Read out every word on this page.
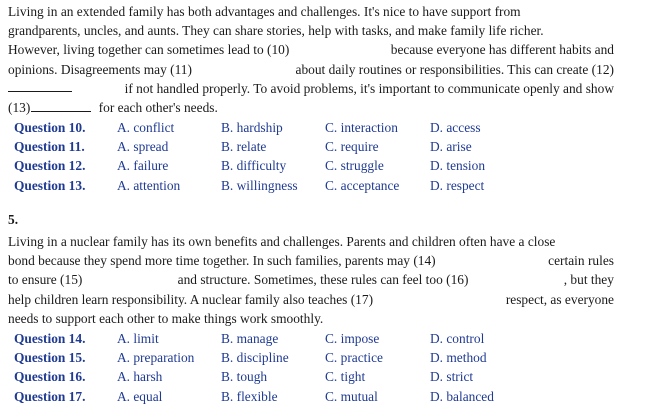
Living in an extended family has both advantages and challenges. It's nice to have support from
grandparents, uncles, and aunts. They can share stories, help with tasks, and make family life richer.
However, living together can sometimes lead to (10)	because everyone has different habits and
opinions. Disagreements may (11)	about daily routines or responsibilities. This can create (12)
if not handled properly. To avoid problems, it's important to communicate openly and show
(13)	for each other's needs.
Question 10.	A. conflict	B. hardship	C. interaction	D. access
Question 11.	A. spread	B. relate	C. require	D. arise
Question 12.	A. failure	B. difficulty	C. struggle	D. tension
Question 13.	A. attention	B. willingness	C. acceptance	D. respect
5.
Living in a nuclear family has its own benefits and challenges. Parents and children often have a close
bond because they spend more time together. In such families, parents may (14)	certain rules
to ensure (15)	and structure. Sometimes, these rules can feel too (16)	, but they
help children learn responsibility. A nuclear family also teaches (17)	respect, as everyone
needs to support each other to make things work smoothly.
Question 14.	A. limit	B. manage	C. impose	D. control
Question 15.	A. preparation	B. discipline	C. practice	D. method
Question 16.	A. harsh	B. tough	C. tight	D. strict
Question 17.	A. equal	B. flexible	C. mutual	D. balanced
